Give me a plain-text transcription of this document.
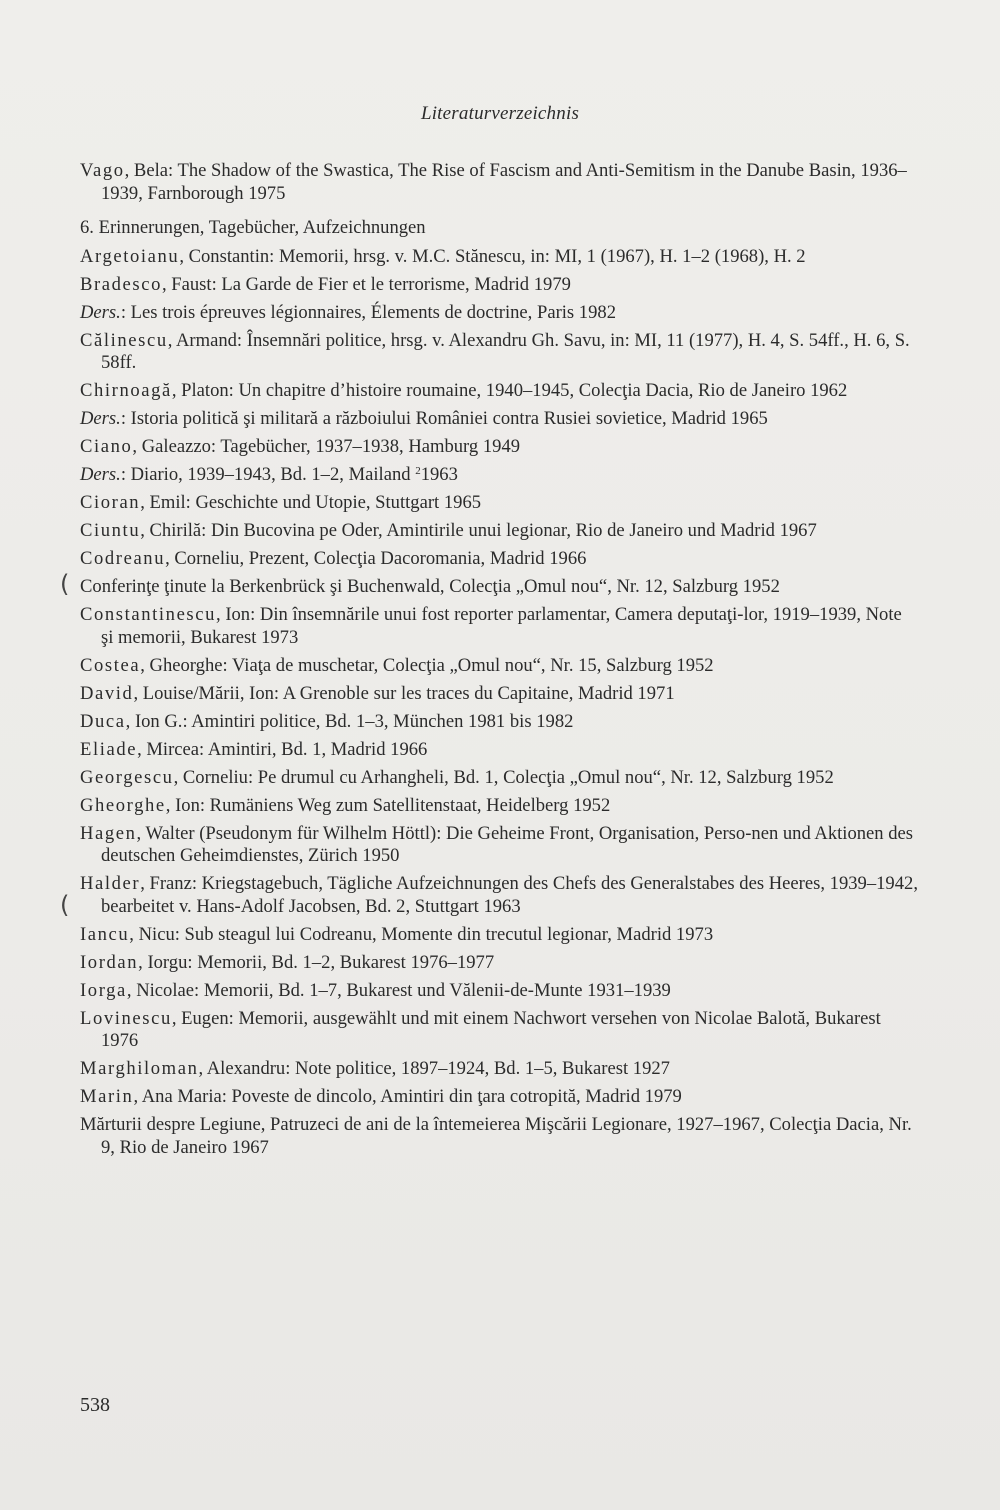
Literaturverzeichnis
Vago, Bela: The Shadow of the Swastica, The Rise of Fascism and Anti-Semitism in the Danube Basin, 1936–1939, Farnborough 1975
6. Erinnerungen, Tagebücher, Aufzeichnungen
Argetoianu, Constantin: Memorii, hrsg. v. M.C. Stănescu, in: MI, 1 (1967), H. 1–2 (1968), H. 2
Bradesco, Faust: La Garde de Fier et le terrorisme, Madrid 1979
Ders.: Les trois épreuves légionnaires, Élements de doctrine, Paris 1982
Călinescu, Armand: Însemnări politice, hrsg. v. Alexandru Gh. Savu, in: MI, 11 (1977), H. 4, S. 54ff., H. 6, S. 58ff.
Chirnoagă, Platon: Un chapitre d’histoire roumaine, 1940–1945, Colecţia Dacia, Rio de Janeiro 1962
Ders.: Istoria politică şi militară a războiului României contra Rusiei sovietice, Madrid 1965
Ciano, Galeazzo: Tagebücher, 1937–1938, Hamburg 1949
Ders.: Diario, 1939–1943, Bd. 1–2, Mailand $^2$1963
Cioran, Emil: Geschichte und Utopie, Stuttgart 1965
Ciuntu, Chirilă: Din Bucovina pe Oder, Amintirile unui legionar, Rio de Janeiro und Madrid 1967
Codreanu, Corneliu, Prezent, Colecţia Dacoromania, Madrid 1966
Conferinţe ţinute la Berkenbrück şi Buchenwald, Colecţia „Omul nou“, Nr. 12, Salzburg 1952
Constantinescu, Ion: Din însemnările unui fost reporter parlamentar, Camera deputaţi-lor, 1919–1939, Note şi memorii, Bukarest 1973
Costea, Gheorghe: Viaţa de muschetar, Colecţia „Omul nou“, Nr. 15, Salzburg 1952
David, Louise/Mării, Ion: A Grenoble sur les traces du Capitaine, Madrid 1971
Duca, Ion G.: Amintiri politice, Bd. 1–3, München 1981 bis 1982
Eliade, Mircea: Amintiri, Bd. 1, Madrid 1966
Georgescu, Corneliu: Pe drumul cu Arhangheli, Bd. 1, Colecţia „Omul nou“, Nr. 12, Salzburg 1952
Gheorghe, Ion: Rumäniens Weg zum Satellitenstaat, Heidelberg 1952
Hagen, Walter (Pseudonym für Wilhelm Höttl): Die Geheime Front, Organisation, Perso-nen und Aktionen des deutschen Geheimdienstes, Zürich 1950
Halder, Franz: Kriegstagebuch, Tägliche Aufzeichnungen des Chefs des Generalstabes des Heeres, 1939–1942, bearbeitet v. Hans-Adolf Jacobsen, Bd. 2, Stuttgart 1963
Iancu, Nicu: Sub steagul lui Codreanu, Momente din trecutul legionar, Madrid 1973
Iordan, Iorgu: Memorii, Bd. 1–2, Bukarest 1976–1977
Iorga, Nicolae: Memorii, Bd. 1–7, Bukarest und Vălenii-de-Munte 1931–1939
Lovinescu, Eugen: Memorii, ausgewählt und mit einem Nachwort versehen von Nicolae Balotă, Bukarest 1976
Marghiloman, Alexandru: Note politice, 1897–1924, Bd. 1–5, Bukarest 1927
Marin, Ana Maria: Poveste de dincolo, Amintiri din ţara cotropită, Madrid 1979
Mărturii despre Legiune, Patruzeci de ani de la întemeierea Mişcării Legionare, 1927–1967, Colecţia Dacia, Nr. 9, Rio de Janeiro 1967
(
(
538
